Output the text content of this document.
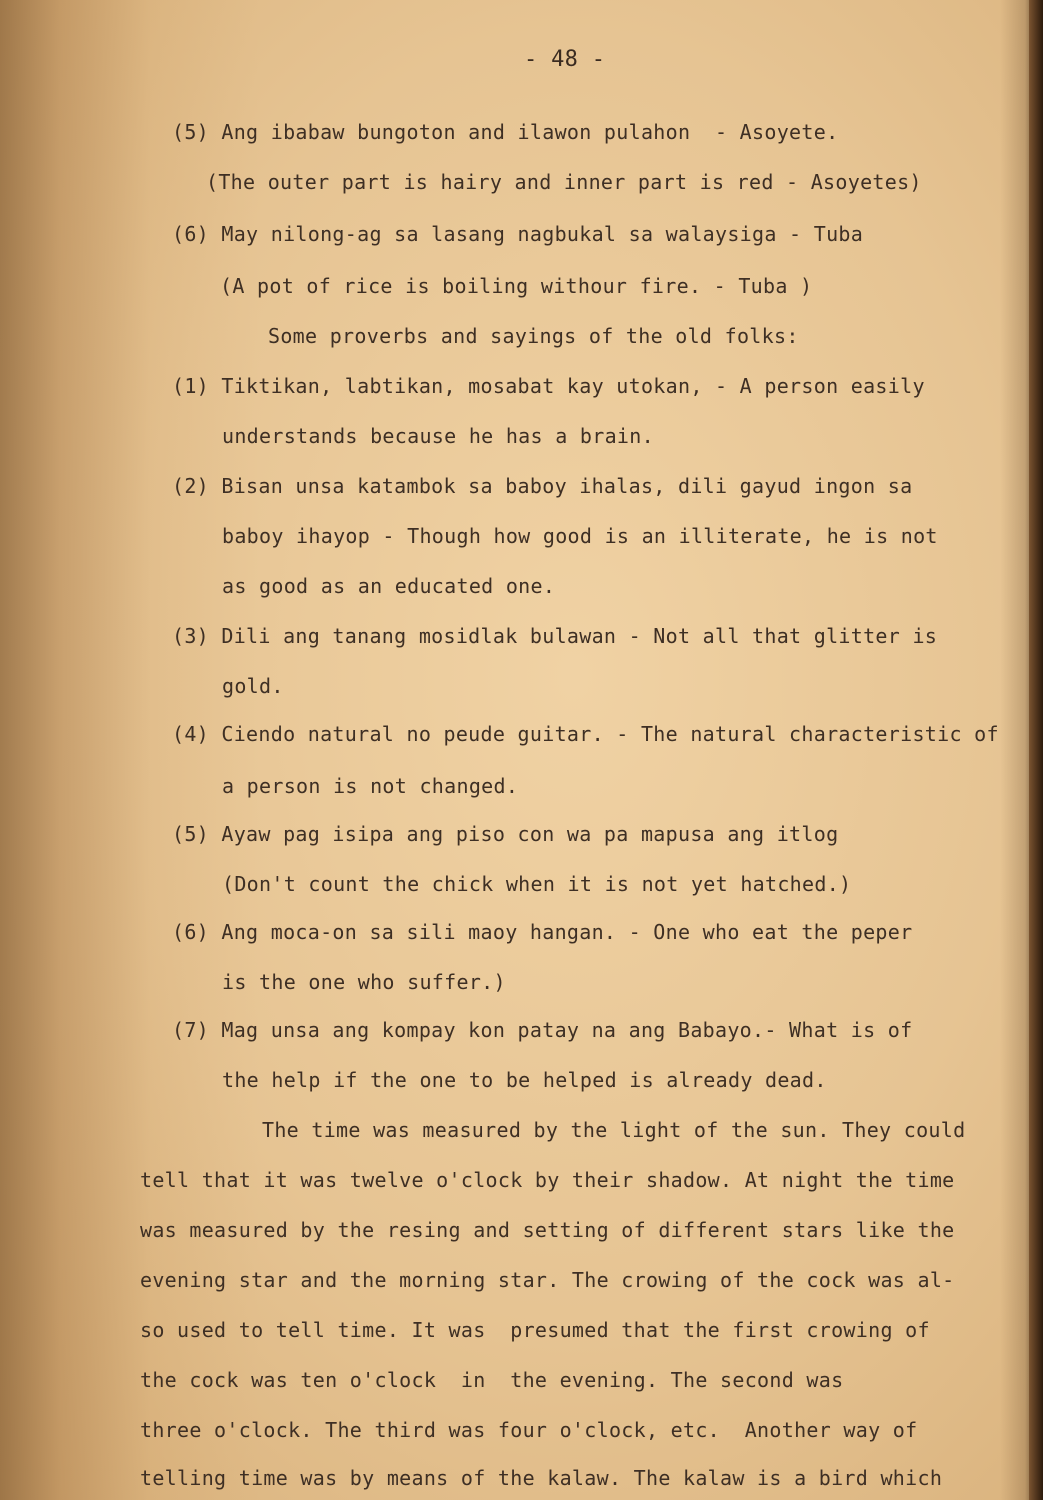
- 48 -
(5) Ang ibabaw bungoton and ilawon pulahon  - Asoyete.
(The outer part is hairy and inner part is red - Asoyetes)
(6) May nilong-ag sa lasang nagbukal sa walaysiga - Tuba
(A pot of rice is boiling withour fire. - Tuba )
Some proverbs and sayings of the old folks:
(1) Tiktikan, labtikan, mosabat kay utokan, - A person easily
understands because he has a brain.
(2) Bisan unsa katambok sa baboy ihalas, dili gayud ingon sa
baboy ihayop - Though how good is an illiterate, he is not
as good as an educated one.
(3) Dili ang tanang mosidlak bulawan - Not all that glitter is
gold.
(4) Ciendo natural no peude guitar. - The natural characteristic of
a person is not changed.
(5) Ayaw pag isipa ang piso con wa pa mapusa ang itlog
(Don't count the chick when it is not yet hatched.)
(6) Ang moca-on sa sili maoy hangan. - One who eat the peper
is the one who suffer.)
(7) Mag unsa ang kompay kon patay na ang Babayo.- What is of
the help if the one to be helped is already dead.
The time was measured by the light of the sun. They could
tell that it was twelve o'clock by their shadow. At night the time
was measured by the resing and setting of different stars like the
evening star and the morning star. The crowing of the cock was al-
so used to tell time. It was  presumed that the first crowing of
the cock was ten o'clock  in  the evening. The second was
three o'clock. The third was four o'clock, etc.  Another way of
telling time was by means of the kalaw. The kalaw is a bird which
